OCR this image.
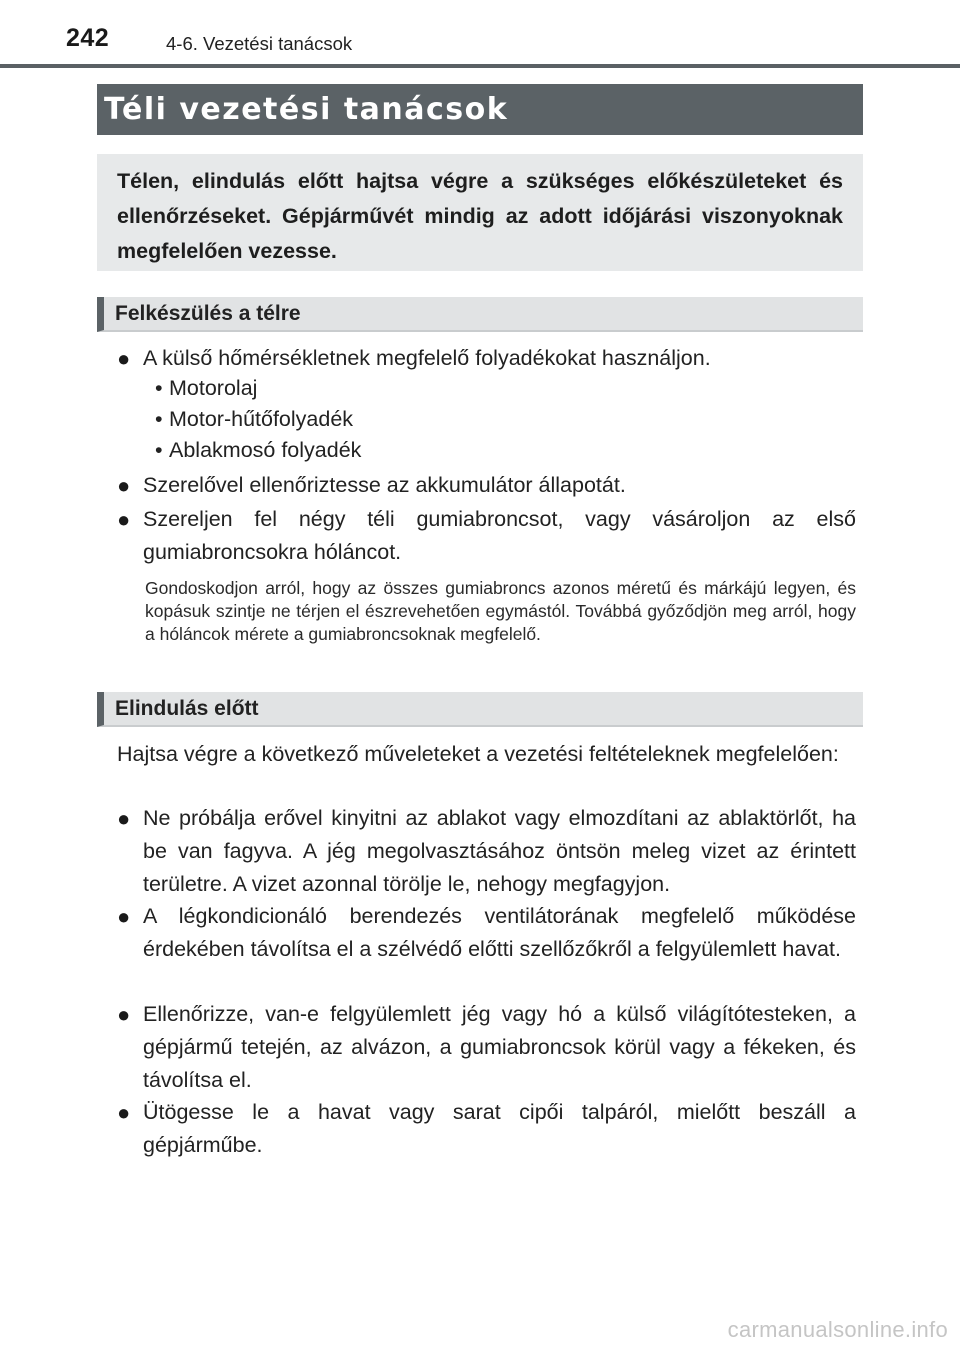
242	4-6. Vezetési tanácsok
Téli vezetési tanácsok

Télen, elindulás előtt hajtsa végre a szükséges előkészületeket és ellenőrzéseket. Gépjárművét mindig az adott időjárási viszonyoknak megfelelően vezesse.

Felkészülés a télre
● A külső hőmérsékletnek megfelelő folyadékokat használjon.
• Motorolaj
• Motor-hűtőfolyadék
• Ablakmosó folyadék
● Szerelővel ellenőriztesse az akkumulátor állapotát.
● Szereljen fel négy téli gumiabroncsot, vagy vásároljon az első gumiabroncsokra hóláncot.

Gondoskodjon arról, hogy az összes gumiabroncs azonos méretű és márkájú legyen, és kopásuk szintje ne térjen el észrevehetően egymástól. Továbbá győződjön meg arról, hogy a hóláncok mérete a gumiabroncsoknak megfelelő.

Elindulás előtt

Hajtsa végre a következő műveleteket a vezetési feltételeknek megfelelően:

● Ne próbálja erővel kinyitni az ablakot vagy elmozdítani az ablaktörlőt, ha be van fagyva. A jég megolvasztásához öntsön meleg vizet az érintett területre. A vizet azonnal törölje le, nehogy megfagyjon.
● A légkondicionáló berendezés ventilátorának megfelelő működése érdekében távolítsa el a szélvédő előtti szellőzőkről a felgyülemlett havat.
● Ellenőrizze, van-e felgyülemlett jég vagy hó a külső világítótesteken, a gépjármű tetején, az alvázon, a gumiabroncsok körül vagy a fékeken, és távolítsa el.
● Ütögesse le a havat vagy sarat cipői talpáról, mielőtt beszáll a gépjárműbe.
carmanualsonline.info
